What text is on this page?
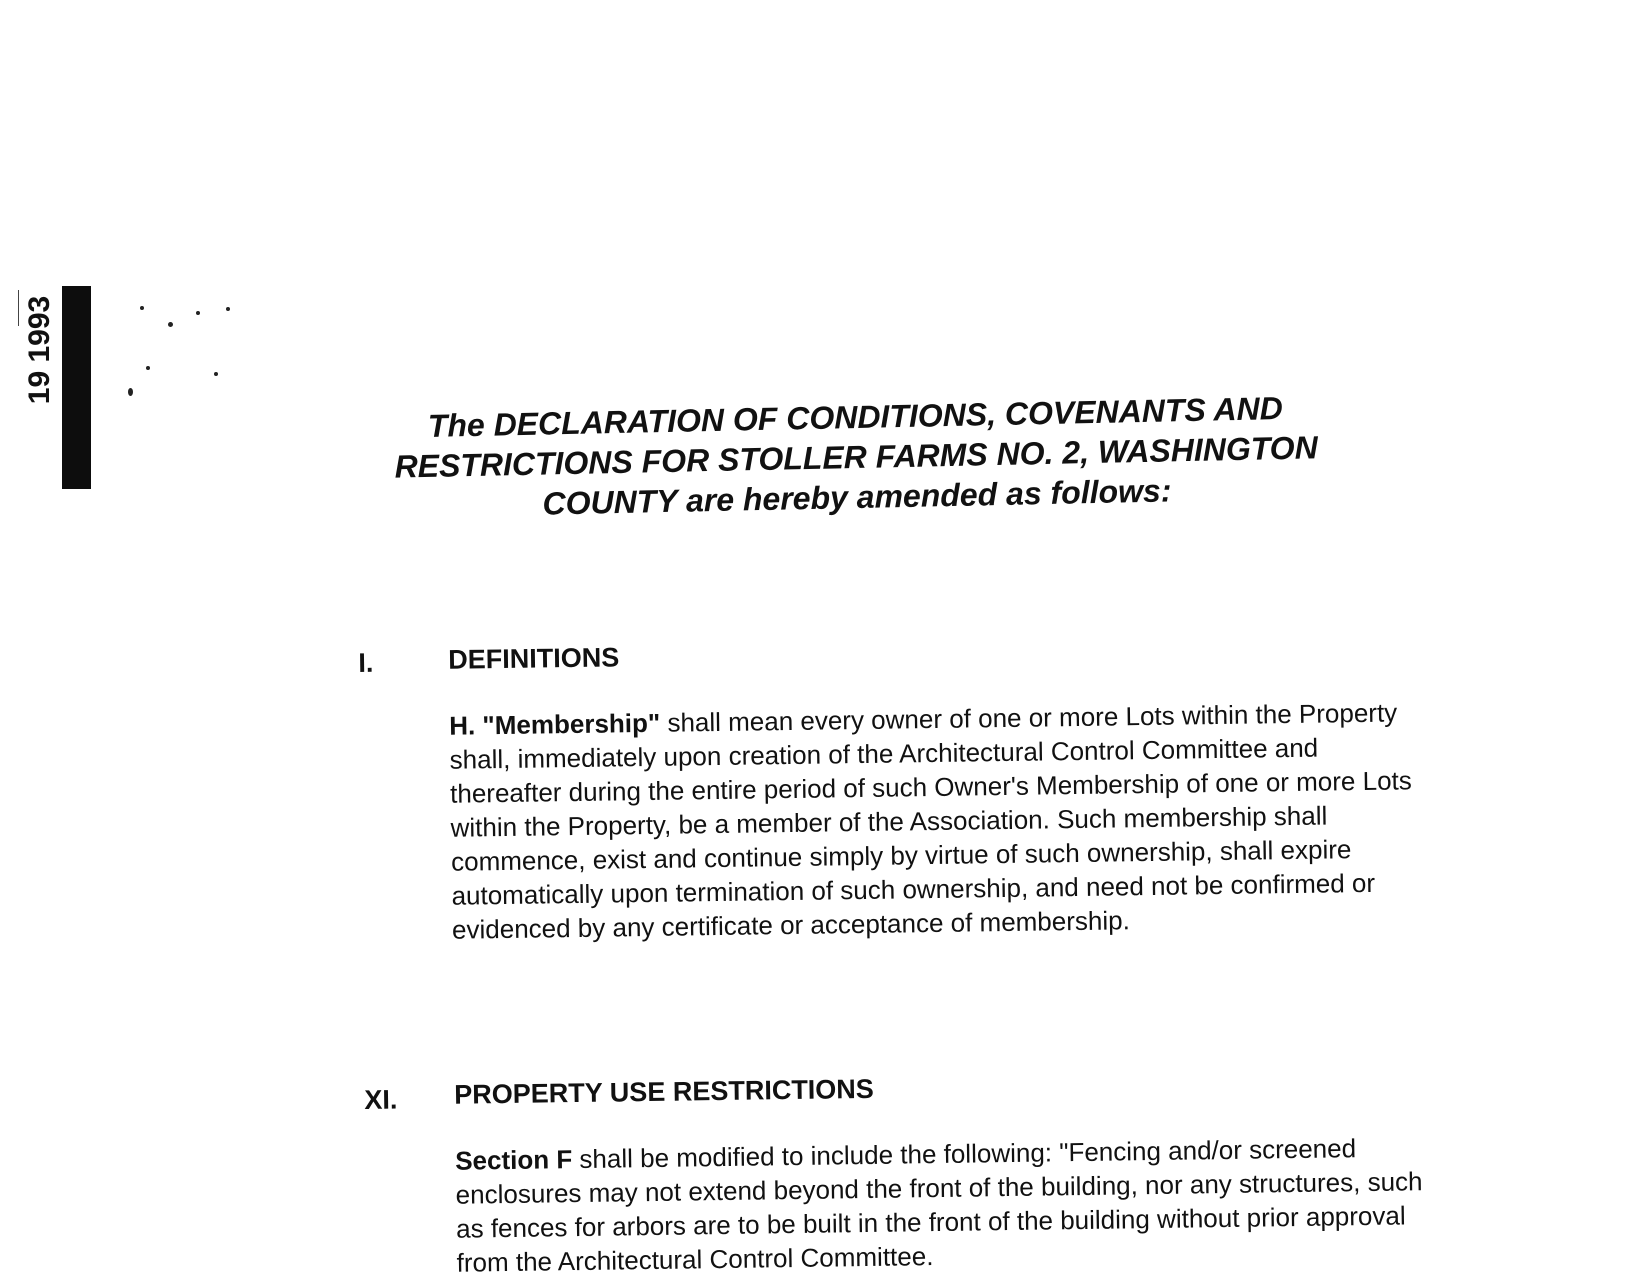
19 1993
The DECLARATION OF CONDITIONS, COVENANTS AND RESTRICTIONS FOR STOLLER FARMS NO. 2, WASHINGTON COUNTY are hereby amended as follows:
I.	DEFINITIONS
H. "Membership" shall mean every owner of one or more Lots within the Property shall, immediately upon creation of the Architectural Control Committee and thereafter during the entire period of such Owner's Membership of one or more Lots within the Property, be a member of the Association. Such membership shall commence, exist and continue simply by virtue of such ownership, shall expire automatically upon termination of such ownership, and need not be confirmed or evidenced by any certificate or acceptance of membership.
XI. PROPERTY USE RESTRICTIONS
Section F shall be modified to include the following: "Fencing and/or screened enclosures may not extend beyond the front of the building, nor any structures, such as fences for arbors are to be built in the front of the building without prior approval from the Architectural Control Committee.
